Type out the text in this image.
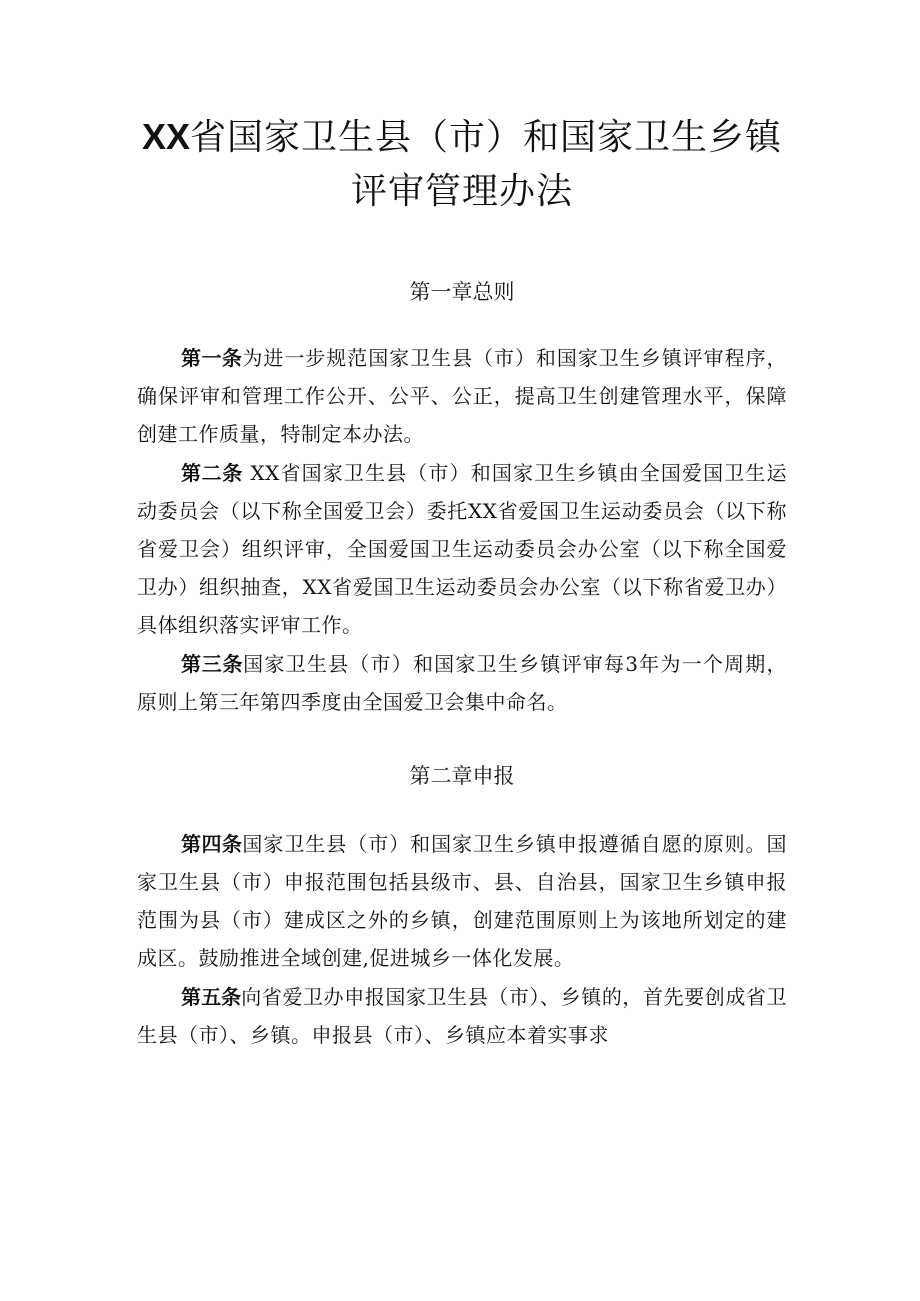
XX省国家卫生县（市）和国家卫生乡镇评审管理办法
第一章总则

第一条为进一步规范国家卫生县（市）和国家卫生乡镇评审程序，确保评审和管理工作公开、公平、公正，提高卫生创建管理水平，保障创建工作质量，特制定本办法。

第二条 XX省国家卫生县（市）和国家卫生乡镇由全国爱国卫生运动委员会（以下称全国爱卫会）委托XX省爱国卫生运动委员会（以下称省爱卫会）组织评审，全国爱国卫生运动委员会办公室（以下称全国爱卫办）组织抽查，XX省爱国卫生运动委员会办公室（以下称省爱卫办）具体组织落实评审工作。

第三条国家卫生县（市）和国家卫生乡镇评审每3年为一个周期，原则上第三年第四季度由全国爱卫会集中命名。

第二章申报

第四条国家卫生县（市）和国家卫生乡镇申报遵循自愿的原则。国家卫生县（市）申报范围包括县级市、县、自治县，国家卫生乡镇申报范围为县（市）建成区之外的乡镇，创建范围原则上为该地所划定的建成区。鼓励推进全域创建,促进城乡一体化发展。

第五条向省爱卫办申报国家卫生县（市）、乡镇的，首先要创成省卫生县（市）、乡镇。申报县（市）、乡镇应本着实事求
